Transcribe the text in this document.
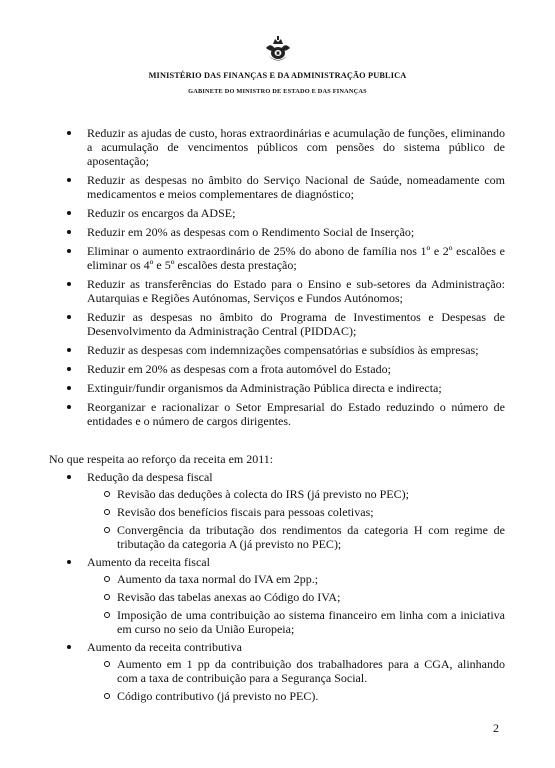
MINISTÉRIO DAS FINANÇAS E DA ADMINISTRAÇÃO PUBLICA
GABINETE DO MINISTRO DE ESTADO E DAS FINANÇAS
Reduzir as ajudas de custo, horas extraordinárias e acumulação de funções, eliminando a acumulação de vencimentos públicos com pensões do sistema público de aposentação;
Reduzir as despesas no âmbito do Serviço Nacional de Saúde, nomeadamente com medicamentos e meios complementares de diagnóstico;
Reduzir os encargos da ADSE;
Reduzir em 20% as despesas com o Rendimento Social de Inserção;
Eliminar o aumento extraordinário de 25% do abono de família nos 1º e 2º escalões e eliminar os 4º e 5º escalões desta prestação;
Reduzir as transferências do Estado para o Ensino e sub-setores da Administração: Autarquias e Regiões Autónomas, Serviços e Fundos Autónomos;
Reduzir as despesas no âmbito do Programa de Investimentos e Despesas de Desenvolvimento da Administração Central (PIDDAC);
Reduzir as despesas com indemnizações compensatórias e subsídios às empresas;
Reduzir em 20% as despesas com a frota automóvel do Estado;
Extinguir/fundir organismos da Administração Pública directa e indirecta;
Reorganizar e racionalizar o Setor Empresarial do Estado reduzindo o número de entidades e o número de cargos dirigentes.
No que respeita ao reforço da receita em 2011:
Redução da despesa fiscal
Revisão das deduções à colecta do IRS (já previsto no PEC);
Revisão dos benefícios fiscais para pessoas coletivas;
Convergência da tributação dos rendimentos da categoria H com regime de tributação da categoria A (já previsto no PEC);
Aumento da receita fiscal
Aumento da taxa normal do IVA em 2pp.;
Revisão das tabelas anexas ao Código do IVA;
Imposição de uma contribuição ao sistema financeiro em linha com a iniciativa em curso no seio da União Europeia;
Aumento da receita contributiva
Aumento em 1 pp da contribuição dos trabalhadores para a CGA, alinhando com a taxa de contribuição para a Segurança Social.
Código contributivo (já previsto no PEC).
2
